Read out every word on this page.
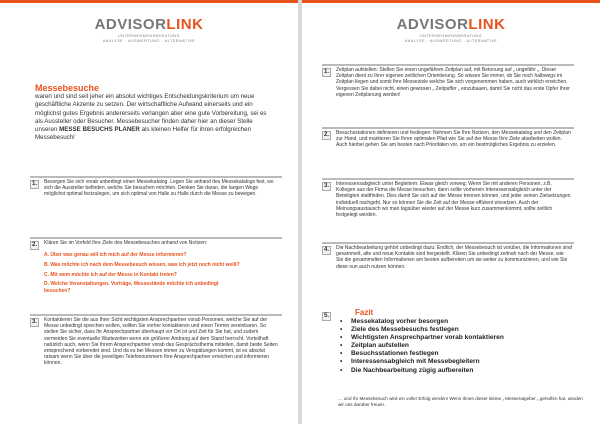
ADVISORLINK
UNTERNEHMENSBERATUNG
ANALYSE · AUSWERTUNG · ALTERNATIVE
Messebesuche
waren und sind seit jeher ein absolut wichtiges Entscheidungskriterium um neue geschäftliche Akzente zu setzen. Der wirtschaftliche Aufwand einerseits und ein möglichst gutes Ergebnis andererseits verlangen aber eine gute Vorbereitung, sei es als Aussteller oder Besucher. Messebesucher finden daher hier an dieser Stelle unseren MESSE BESUCHS PLANER als kleinen Helfer für ihren erfolgreichen Messebesuch!
1.	Besorgen Sie sich vorab unbedingt einen Messekatalog. Legen Sie anhand des Messekatalogs fest, wo sich die Aussteller befinden, welche Sie besuchen möchten. Denken Sie daran, die langen Wege möglichst optimal festzulegen, um sich optimal von Halle zu Halle durch die Messe zu bewegen.
2.	Klären Sie im Vorfeld Ihre Ziele des Messebesuches anhand von Notizen:
A. Über was genau will ich mich auf der Messe informieren?
B. Was möchte ich nach dem Messebesuch wissen, was ich jetzt noch nicht weiß?
C. Mit wem möchte ich auf der Messe in Kontakt treten?
D. Welche Veranstaltungen, Vorträge, Messestände möchte ich unbedingt besuchen?
3.	Kontaktieren Sie die aus Ihrer Sicht wichtigsten Ansprechpartner vorab Personen, welche Sie auf der Messe unbedingt sprechen wollen, sollten Sie vorher kontaktieren und einen Termin vereinbaren. So stellen Sie sicher, dass Ihr Ansprechpartner überhaupt vor Ort ist und Zeit für Sie hat, und zudem vermeiden Sie eventuelle Wartezeiten wenn ein größerer Andrang auf dem Stand herrscht. Vorteilhaft natürlich auch, wenn Sie Ihrem Ansprechpartner vorab das Gesprächsthema mitteilen, damit beide Seiten entsprechend vorbereitet sind. Und da es bei Messen immer zu Verspätungen kommt, ist es absolut ratsam wenn Sie über die jeweiligen Telefonnummern Ihre Ansprechpartner erreichen und informieren können.
ADVISORLINK
UNTERNEHMENSBERATUNG
ANALYSE · AUSWERTUNG · ALTERNATIVE
1.	Zeitplan aufstellen: Stellen Sie einen ungefähren Zeitplan auf, mit Betonung auf „ ungefähr „. Dieser Zeitplan dient zu Ihrer eigenen zeitlichen Orientierung. So wissen Sie immer, ob Sie noch halbwegs im Zeitplan liegen und somit Ihre Messeziele welche Sie sich vorgenommen haben, auch wirklich erreichen. Vergessen Sie dabei nicht, einen gewissen „ Zeitpuffer „ einzubauen, damit Sie nicht das erste Opfer Ihrer eigenen Zeitplanung werden!
2.	Besuchsstationen definieren und festlegen: Nehmen Sie Ihre Notizen, den Messekatalog und den Zeitplan zur Hand, und markieren Sie Ihren optimalen Pfad wie Sie auf der Messe Ihre Ziele abarbeiten wollen. Auch hierbei gehen Sie am besten nach Prioritäten vor, um ein bestmögliches Ergebnis zu erzielen.
3.	Interessensabgleich unter Begleitern: Etwas gleich vorweg: Wenn Sie mit anderen Personen, z.B. Kollegen aus der Firma die Messe besuchen, dann sollte vorherein Interessensabgleich unter der Beteiligten stattfinden. Dies damit Sie sich auf der Messe trennen können, und jeder seinen Zielsetzungen individuell nachgeht. Nur so können Sie die Zeit auf der Messe effizient einsetzen. Auch der Meinungsaustausch wo man tagsüber wieder auf der Messe kurz zusammenkommt, sollte zeitlich festgelegt werden.
4.	Die Nachbearbeitung gehört unbedingt dazu: Endlich, der Messebesuch ist vorüber, die Informationen sind gesammelt, alte und neue Kontakte sind hergestellt. Klären Sie unbedingt zeitnah nach der Messe, wie Sie die gesammelten Informationen am besten aufbereiten um sie weiter zu kommunizieren, und wie Sie diese nun auch nutzen können.
5.	Fazit
• Messekatalog vorher besorgen
• Ziele des Messebesuchs festlegen
• Wichtigsten Ansprechpartner vorab kontaktieren
• Zeitplan aufstellen
• Besuchsstationen festlegen
• Interessensabgleich mit Messebegleitern
• Die Nachbearbeitung zügig aufbereiten
… und Ihr Messebesuch wird ein voller Erfolg werden! Wenn Ihnen dieser kleine „ Messeratgeber „ geholfen hat, würden wir uns darüber freuen.
